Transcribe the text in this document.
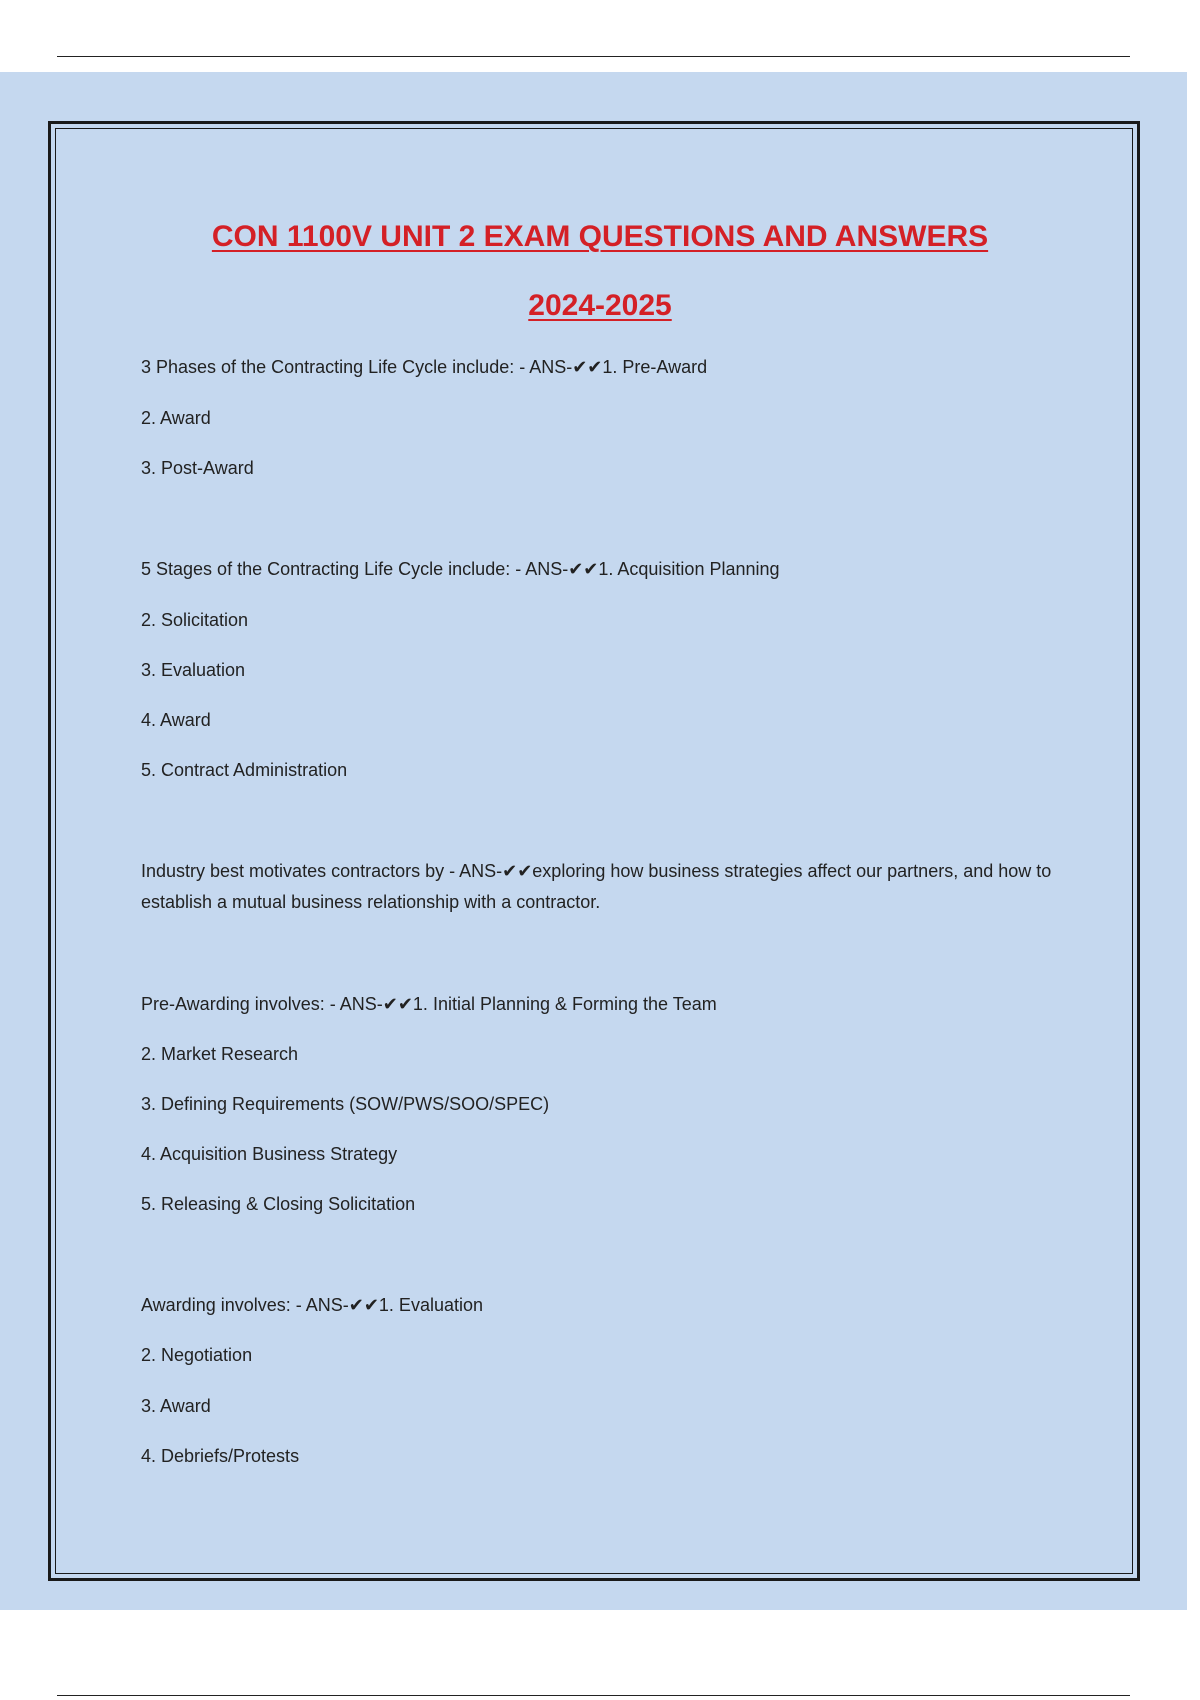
CON 1100V UNIT 2 EXAM QUESTIONS AND ANSWERS
2024-2025
3 Phases of the Contracting Life Cycle include: - ANS-✔✔1. Pre-Award
2. Award
3. Post-Award
5 Stages of the Contracting Life Cycle include: - ANS-✔✔1. Acquisition Planning
2. Solicitation
3. Evaluation
4. Award
5. Contract Administration
Industry best motivates contractors by - ANS-✔✔exploring how business strategies affect our partners, and how to establish a mutual business relationship with a contractor.
Pre-Awarding involves: - ANS-✔✔1. Initial Planning & Forming the Team
2. Market Research
3. Defining Requirements (SOW/PWS/SOO/SPEC)
4. Acquisition Business Strategy
5. Releasing & Closing Solicitation
Awarding involves: - ANS-✔✔1. Evaluation
2. Negotiation
3. Award
4. Debriefs/Protests
